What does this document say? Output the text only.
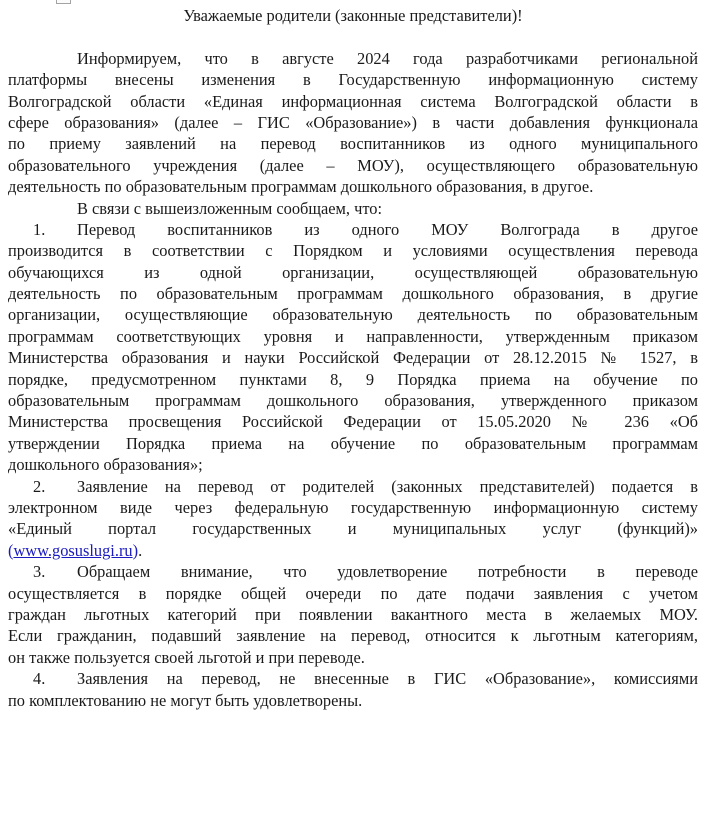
Уважаемые родители (законные представители)!
Информируем, что в августе 2024 года разработчиками региональной
платформы внесены изменения в Государственную информационную систему
Волгоградской области «Единая информационная система Волгоградской области в
сфере образования» (далее – ГИС «Образование») в части добавления функционала
по приему заявлений на перевод воспитанников из одного муниципального
образовательного учреждения (далее – МОУ), осуществляющего образовательную
деятельность по образовательным программам дошкольного образования, в другое.
В связи с вышеизложенным сообщаем, что:
1. Перевод воспитанников из одного МОУ Волгограда в другое
производится в соответствии с Порядком и условиями осуществления перевода
обучающихся из одной организации, осуществляющей образовательную
деятельность по образовательным программам дошкольного образования, в другие
организации, осуществляющие образовательную деятельность по образовательным
программам соответствующих уровня и направленности, утвержденным приказом
Министерства образования и науки Российской Федерации от 28.12.2015 № 1527, в
порядке, предусмотренном пунктами 8, 9 Порядка приема на обучение по
образовательным программам дошкольного образования, утвержденного приказом
Министерства просвещения Российской Федерации от 15.05.2020 № 236 «Об
утверждении Порядка приема на обучение по образовательным программам
дошкольного образования»;
2. Заявление на перевод от родителей (законных представителей) подается в
электронном виде через федеральную государственную информационную систему
«Единый портал государственных и муниципальных услуг (функций)»
(www.gosuslugi.ru).
3. Обращаем внимание, что удовлетворение потребности в переводе
осуществляется в порядке общей очереди по дате подачи заявления с учетом
граждан льготных категорий при появлении вакантного места в желаемых МОУ.
Если гражданин, подавший заявление на перевод, относится к льготным категориям,
он также пользуется своей льготой и при переводе.
4. Заявления на перевод, не внесенные в ГИС «Образование», комиссиями
по комплектованию не могут быть удовлетворены.
